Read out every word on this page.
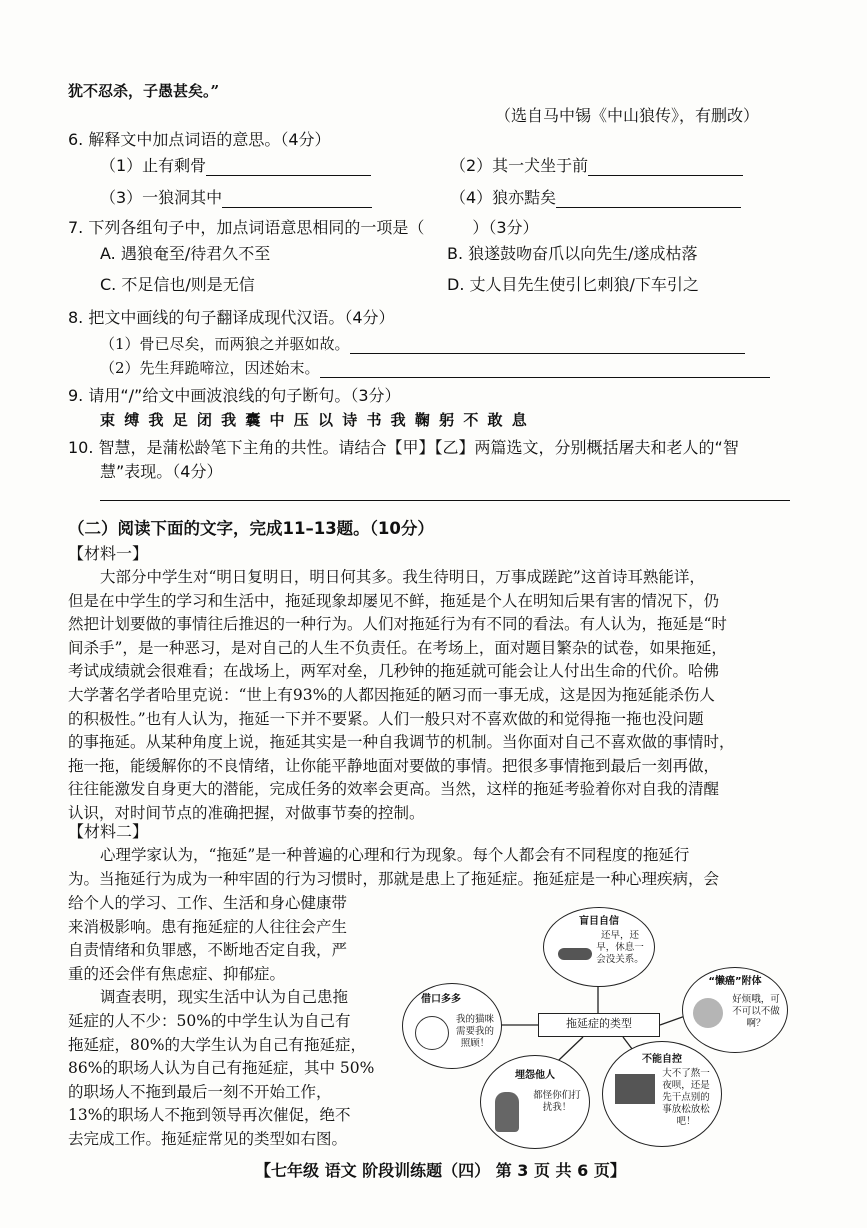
犹不忍杀，子愚甚矣。”
（选自马中锡《中山狼传》，有删改）
6. 解释文中加点词语的意思。（4分）
（1）止有剩骨	（2）其一犬坐于前
（3）一狼洞其中	（4）狼亦黠矣
7. 下列各组句子中，加点词语意思相同的一项是（	）（3分）
A. 遇狼奄至/待君久不至	B. 狼遂鼓吻奋爪以向先生/遂成枯落
C. 不足信也/则是无信	D. 丈人目先生使引匕刺狼/下车引之
8. 把文中画线的句子翻译成现代汉语。（4分）
（1）骨已尽矣，而两狼之并驱如故。
（2）先生拜跪啼泣，因述始末。
9. 请用“/”给文中画波浪线的句子断句。（3分）
束 缚 我 足 闭 我 囊 中 压 以 诗 书 我 鞠 躬 不 敢 息
10. 智慧，是蒲松龄笔下主角的共性。请结合【甲】【乙】两篇选文，分别概括屠夫和老人的“智
慧”表现。（4分）
（二）阅读下面的文字，完成11–13题。（10分）
【材料一】
大部分中学生对“明日复明日，明日何其多。我生待明日，万事成蹉跎”这首诗耳熟能详，
但是在中学生的学习和生活中，拖延现象却屡见不鲜，拖延是个人在明知后果有害的情况下，仍
然把计划要做的事情往后推迟的一种行为。人们对拖延行为有不同的看法。有人认为，拖延是“时
间杀手”，是一种恶习，是对自己的人生不负责任。在考场上，面对题目繁杂的试卷，如果拖延，
考试成绩就会很难看；在战场上，两军对垒，几秒钟的拖延就可能会让人付出生命的代价。哈佛
大学著名学者哈里克说：“世上有93%的人都因拖延的陋习而一事无成，这是因为拖延能杀伤人
的积极性。”也有人认为，拖延一下并不要紧。人们一般只对不喜欢做的和觉得拖一拖也没问题
的事拖延。从某种角度上说，拖延其实是一种自我调节的机制。当你面对自己不喜欢做的事情时，
拖一拖，能缓解你的不良情绪，让你能平静地面对要做的事情。把很多事情拖到最后一刻再做，
往往能激发自身更大的潜能，完成任务的效率会更高。当然，这样的拖延考验着你对自我的清醒
认识，对时间节点的准确把握，对做事节奏的控制。
【材料二】
心理学家认为，“拖延”是一种普遍的心理和行为现象。每个人都会有不同程度的拖延行
为。当拖延行为成为一种牢固的行为习惯时，那就是患上了拖延症。拖延症是一种心理疾病，会
给个人的学习、工作、生活和身心健康带
来消极影响。患有拖延症的人往往会产生
自责情绪和负罪感，不断地否定自我，严
重的还会伴有焦虑症、抑郁症。
调查表明，现实生活中认为自己患拖
延症的人不少：50%的中学生认为自己有
拖延症，80%的大学生认为自己有拖延症，
86%的职场人认为自己有拖延症，其中 50%
的职场人不拖到最后一刻不开始工作，
13%的职场人不拖到领导再次催促，绝不
去完成工作。拖延症常见的类型如右图。
拖延症的类型
盲目自信
还早，还早，休息一会没关系。
借口多多
我的猫咪需要我的照顾！
“懒癌”附体
好烦哦，可不可以不做啊？
埋怨他人
都怪你们打扰我！
不能自控
大不了熬一夜呗，还是先干点别的事放松放松吧！
【七年级 语文 阶段训练题（四） 第 3 页 共 6 页】
